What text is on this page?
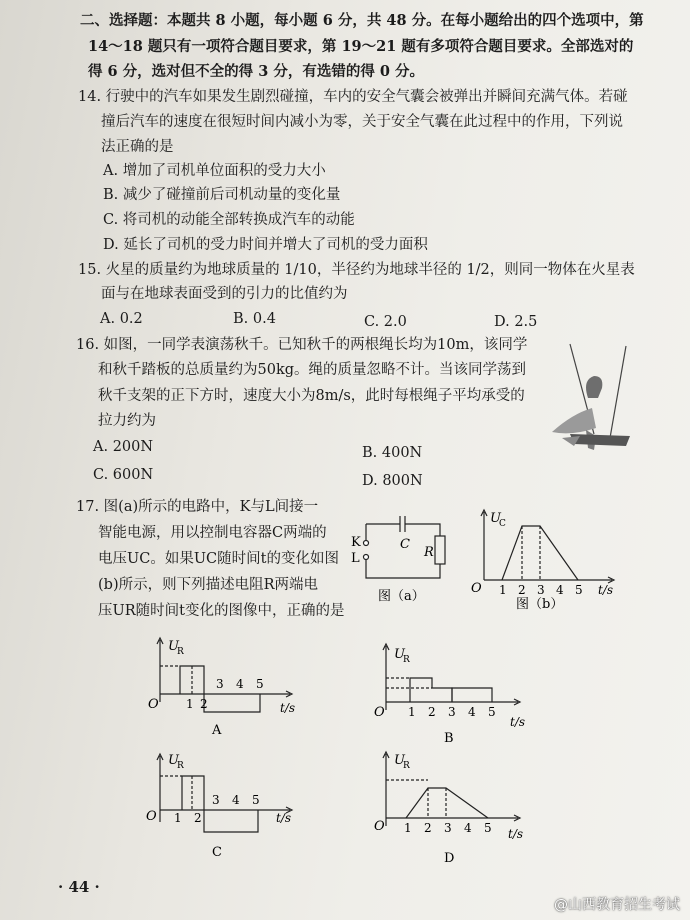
二、选择题：本题共 8 小题，每小题 6 分，共 48 分。在每小题给出的四个选项中，第
14～18 题只有一项符合题目要求，第 19～21 题有多项符合题目要求。全部选对的
得 6 分，选对但不全的得 3 分，有选错的得 0 分。
14. 行驶中的汽车如果发生剧烈碰撞，车内的安全气囊会被弹出并瞬间充满气体。若碰
撞后汽车的速度在很短时间内减小为零，关于安全气囊在此过程中的作用，下列说
法正确的是
A. 增加了司机单位面积的受力大小
B. 减少了碰撞前后司机动量的变化量
C. 将司机的动能全部转换成汽车的动能
D. 延长了司机的受力时间并增大了司机的受力面积
15. 火星的质量约为地球质量的 1/10，半径约为地球半径的 1/2，则同一物体在火星表
面与在地球表面受到的引力的比值约为
A. 0.2	B. 0.4	C. 2.0	D. 2.5
16. 如图，一同学表演荡秋千。已知秋千的两根绳长均为10m，该同学
和秋千踏板的总质量约为50kg。绳的质量忽略不计。当该同学荡到
秋千支架的正下方时，速度大小为8m/s，此时每根绳子平均承受的
拉力约为
A. 200N	B. 400N
C. 600N	D. 800N
17. 图(a)所示的电路中，K与L间接一
智能电源，用以控制电容器C两端的
电压UC。如果UC随时间t的变化如图
(b)所示，则下列描述电阻R两端电
压UR随时间t变化的图像中，正确的是
K
L
C
R
图（a）
U
C
O 1 2 3 4 5 t/s
图（b）
U
R
O 1 2
3 4 5
t/s
A
U
R
O 1 2 3 4 5
t/s
B
U
R
O 1 2
3 4 5
t/s
C
U
R
O 1 2 3 4 5 t/s
D
· 44 ·
@山西教育招生考试
